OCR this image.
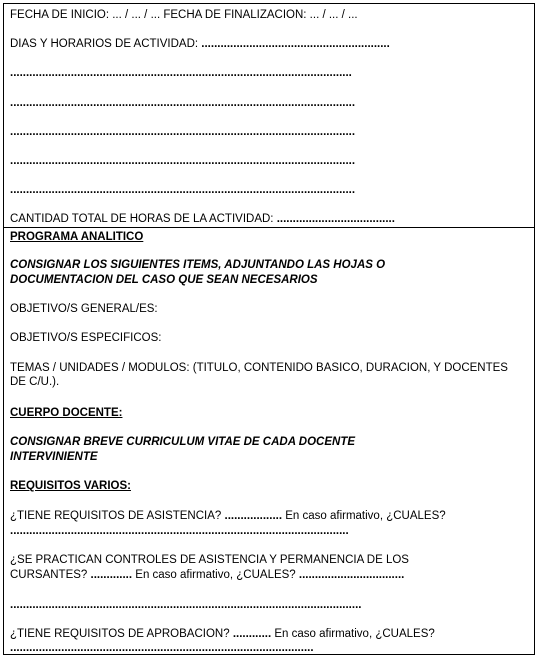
FECHA DE INICIO: ... / ... / ... FECHA DE FINALIZACION: ... / ... / ...
DIAS Y HORARIOS DE ACTIVIDAD: ...........................................................
...........................................................................................................
............................................................................................................
............................................................................................................
............................................................................................................
............................................................................................................
CANTIDAD TOTAL DE HORAS DE LA ACTIVIDAD: .....................................
PROGRAMA ANALITICO
CONSIGNAR LOS SIGUIENTES ITEMS, ADJUNTANDO LAS HOJAS O
DOCUMENTACION DEL CASO QUE SEAN NECESARIOS
OBJETIVO/S GENERAL/ES:
OBJETIVO/S ESPECIFICOS:
TEMAS / UNIDADES / MODULOS: (TITULO, CONTENIDO BASICO, DURACION, Y DOCENTES DE C/U.).
CUERPO DOCENTE:
CONSIGNAR BREVE CURRICULUM VITAE DE CADA DOCENTE
INTERVINIENTE
REQUISITOS VARIOS:
¿TIENE REQUISITOS DE ASISTENCIA? .................. En caso afirmativo, ¿CUALES?
..........................................................................................................
¿SE PRACTICAN CONTROLES DE ASISTENCIA Y PERMANENCIA DE LOS
CURSANTES? ............. En caso afirmativo, ¿CUALES? .................................
..............................................................................................................
¿TIENE REQUISITOS DE APROBACION? ............ En caso afirmativo, ¿CUALES?
...............................................................................................
